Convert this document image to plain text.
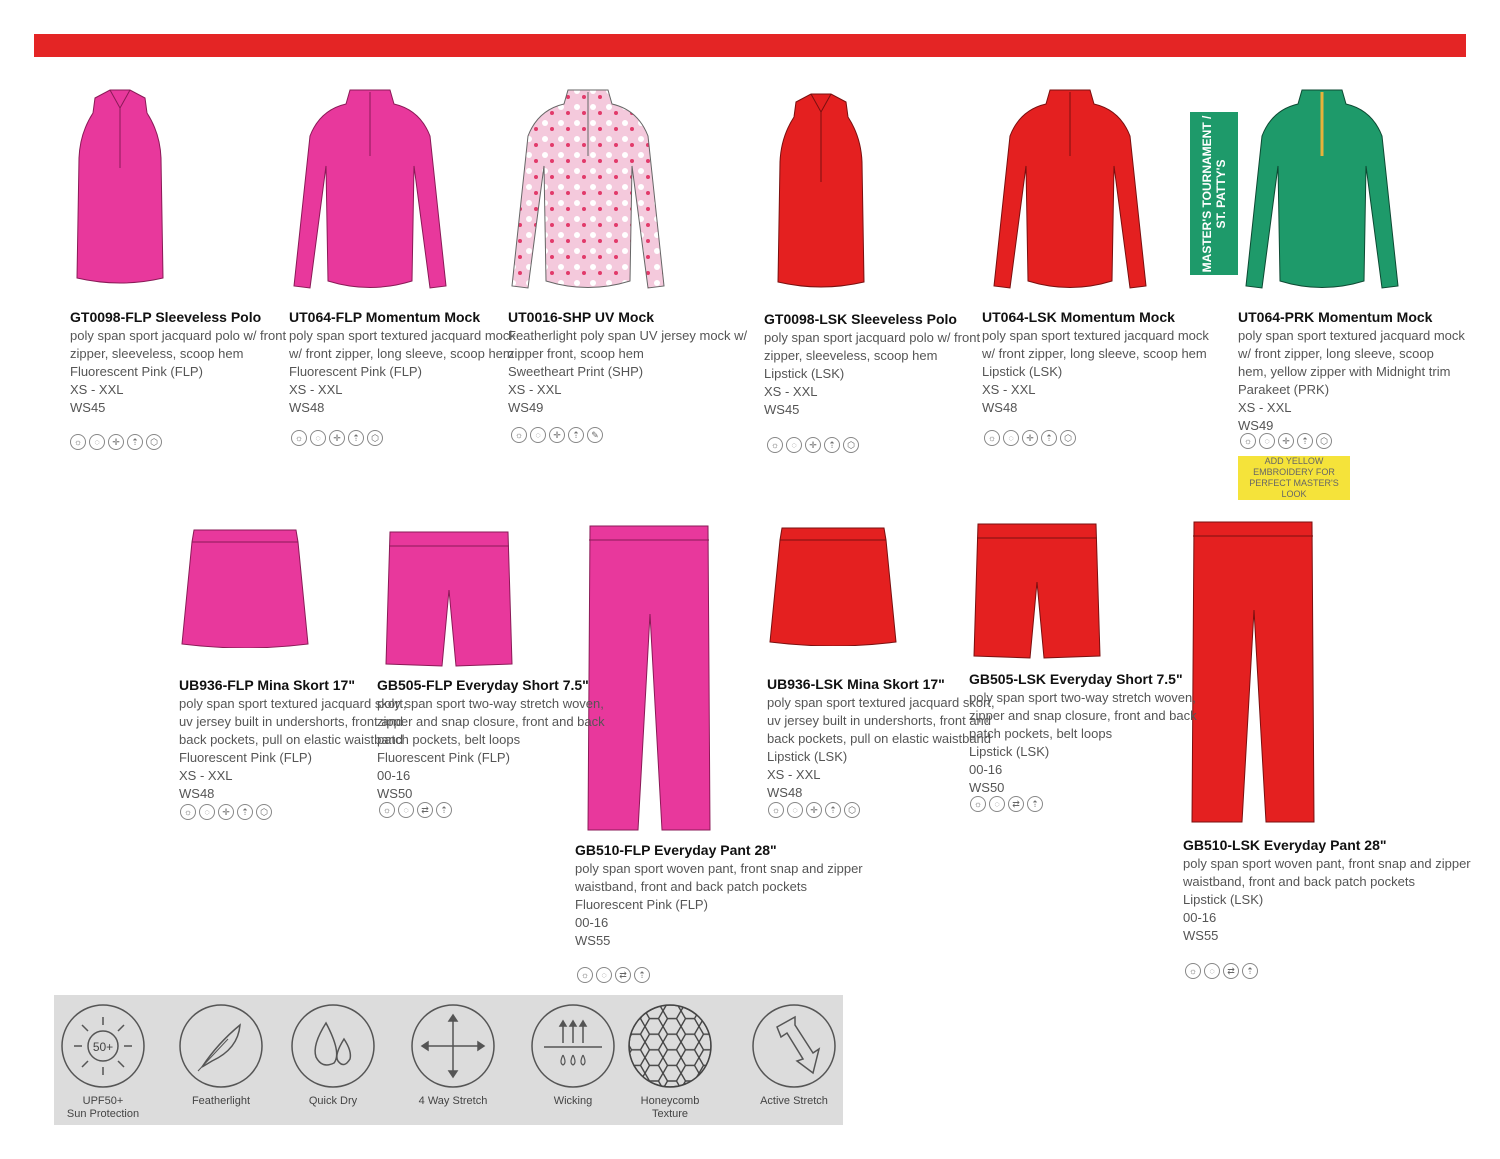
MASTER'S TOURNAMENT /
ST. PATTY'S
GT0098-FLP Sleeveless Polo
poly span sport jacquard polo w/ front
zipper, sleeveless, scoop hem
Fluorescent Pink (FLP)
XS - XXL
WS45
UT064-FLP Momentum Mock
poly span sport textured jacquard mock
w/ front zipper, long sleeve, scoop hem
Fluorescent Pink (FLP)
XS - XXL
WS48
UT0016-SHP UV Mock
Featherlight poly span UV jersey mock w/
zipper front, scoop hem
Sweetheart Print (SHP)
XS - XXL
WS49
GT0098-LSK Sleeveless Polo
poly span sport jacquard polo w/ front
zipper, sleeveless, scoop hem
Lipstick (LSK)
XS - XXL
WS45
UT064-LSK Momentum Mock
poly span sport textured jacquard mock
w/ front zipper, long sleeve, scoop hem
Lipstick (LSK)
XS - XXL
WS48
UT064-PRK Momentum Mock
poly span sport textured jacquard mock
w/ front zipper, long sleeve, scoop
hem, yellow zipper with Midnight trim
Parakeet (PRK)
XS - XXL
WS49
ADD YELLOW EMBROIDERY FOR
PERFECT MASTER'S LOOK
UB936-FLP Mina Skort 17"
poly span sport textured jacquard skort,
uv jersey built in undershorts, front and
back pockets, pull on elastic waistband
Fluorescent Pink (FLP)
XS - XXL
WS48
GB505-FLP Everyday Short 7.5"
poly span sport two-way stretch woven,
zipper and snap closure, front and back
patch pockets, belt loops
Fluorescent Pink (FLP)
00-16
WS50
GB510-FLP Everyday Pant 28"
poly span sport woven pant, front snap and zipper
waistband, front and back patch pockets
Fluorescent Pink (FLP)
00-16
WS55
UB936-LSK Mina Skort 17"
poly span sport textured jacquard skort,
uv jersey built in undershorts, front and
back pockets, pull on elastic waistband
Lipstick (LSK)
XS - XXL
WS48
GB505-LSK Everyday Short 7.5"
poly span sport two-way stretch woven,
zipper and snap closure, front and back
patch pockets, belt loops
Lipstick (LSK)
00-16
WS50
GB510-LSK Everyday Pant 28"
poly span sport woven pant, front snap and zipper
waistband, front and back patch pockets
Lipstick (LSK)
00-16
WS55
☼	◌	✛	⇡	⬡	☼	◌	✛	⇡	⬡	☼	◌	✛	⇡	✎
☼	◌	✛	⇡	⬡
☼	◌	✛	⇡	⬡	☼	◌	✛	⇡	⬡
☼	◌	✛	⇡	⬡	☼	◌	⇄	⇡
☼	◌	⇄	⇡
☼	◌	✛	⇡	⬡
☼	◌	⇄	⇡
☼	◌	⇄	⇡
50+
UPF50+
Sun Protection
Featherlight	Quick Dry	4 Way Stretch	Wicking	Honeycomb
Texture
Active Stretch
